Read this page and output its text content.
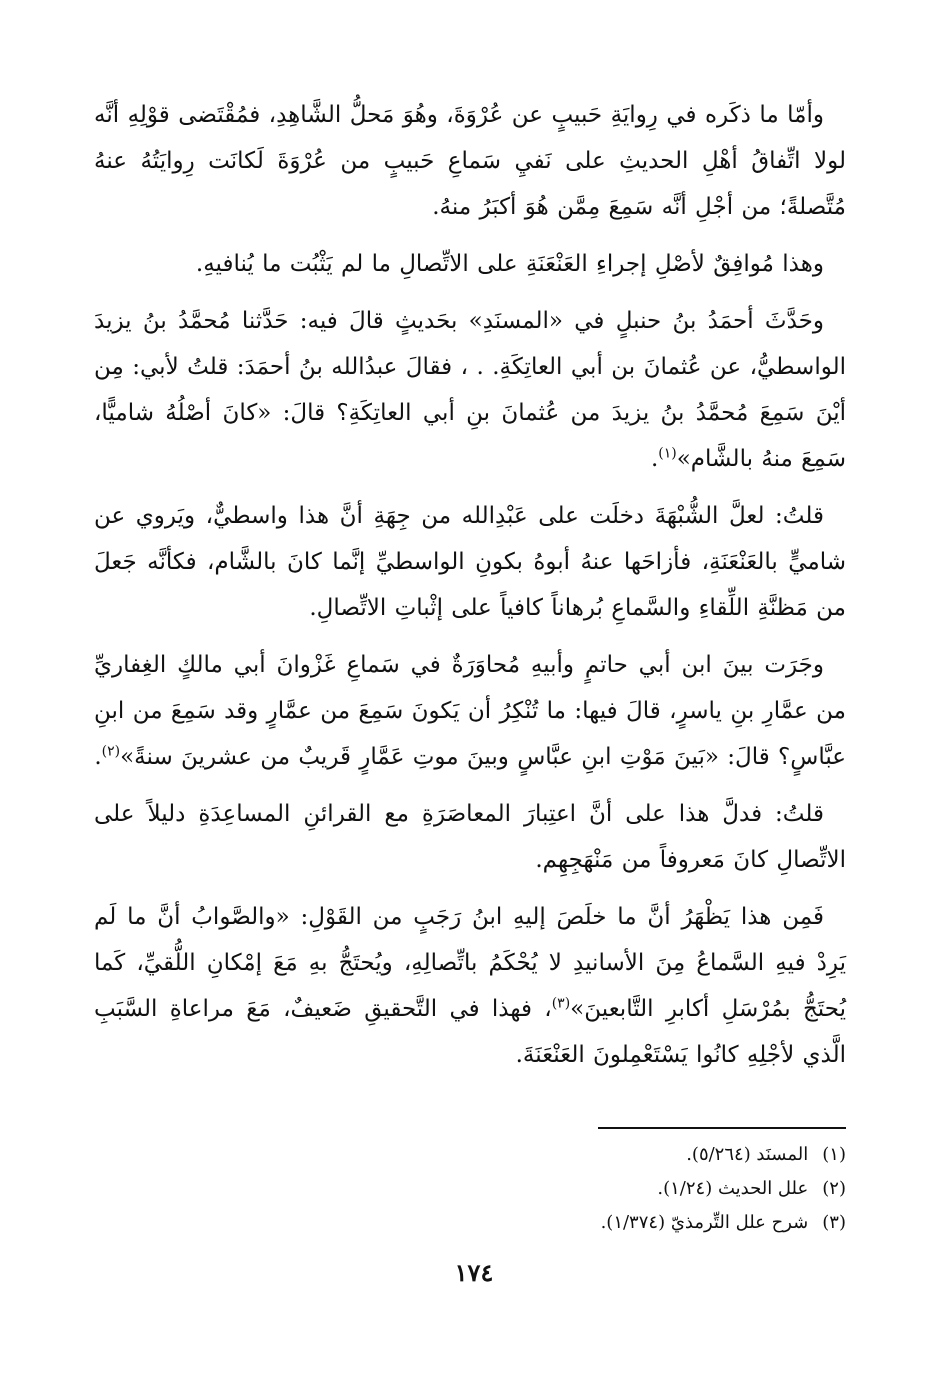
وأمّا ما ذكَره في رِوايَةِ حَبيبٍ عن عُرْوَةَ، وهُوَ مَحلُّ الشَّاهِدِ، فمُقْتَضى قوْلِهِ أنَّه لولا اتِّفاقُ أهْلِ الحديثِ على نَفيِ سَماعِ حَبيبٍ من عُرْوَةَ لَكانَت رِوايَتُهُ عنهُ مُتَّصلةً؛ من أجْلِ أنَّه سَمِعَ مِمَّن هُوَ أكبَرُ منهُ.

وهذا مُوافِقٌ لأصْلِ إجراءِ العَنْعَنَةِ على الاتِّصالِ ما لم يَثْبُت ما يُنافيهِ.

وحَدَّثَ أحمَدُ بنُ حنبلٍ في «المسنَدِ» بحَديثٍ قالَ فيه: حَدَّثنا مُحمَّدُ بنُ يزيدَ الواسطيُّ، عن عُثمانَ بن أبي العاتِكَةِ. . ، فقالَ عبدُالله بنُ أحمَدَ: قلتُ لأبي: مِن أيْنَ سَمِعَ مُحمَّدُ بنُ يزيدَ من عُثمانَ بنِ أبي العاتِكَةِ؟ قالَ: «كانَ أصْلُهُ شاميًّا، سَمِعَ منهُ بالشَّام»$^{(١)}$.

قلتُ: لعلَّ الشُّبْهَةَ دخلَت على عَبْدِالله من جِهَةِ أنَّ هذا واسطيٌّ، ويَروي عن شاميٍّ بالعَنْعَنَةِ، فأزاحَها عنهُ أبوهُ بكونِ الواسطيِّ إنَّما كانَ بالشَّام، فكأنَّه جَعلَ من مَظنَّةِ اللِّقاءِ والسَّماعِ بُرهاناً كافياً على إثْباتِ الاتِّصالِ.

وجَرَت بينَ ابن أبي حاتمٍ وأبيهِ مُحاوَرَةٌ في سَماعِ غَزْوانَ أبي مالكٍ الغِفاريِّ من عمَّارِ بنِ ياسرٍ، قالَ فيها: ما تُنْكِرُ أن يَكونَ سَمِعَ من عمَّارٍ وقد سَمِعَ من ابنِ عبَّاسٍ؟ قالَ: «بَينَ مَوْتِ ابنِ عبَّاسٍ وبينَ موتِ عَمَّارٍ قَريبٌ من عشرينَ سنةً»$^{(٢)}$.

قلتُ: فدلَّ هذا على أنَّ اعتِبارَ المعاصَرَةِ مع القرائنِ المساعِدَةِ دليلاً على الاتِّصالِ كانَ مَعروفاً من مَنْهَجِهِم.

فَمِن هذا يَظْهَرُ أنَّ ما خلَصَ إليهِ ابنُ رَجَبٍ من القَوْلِ: «والصَّوابُ أنَّ ما لَم يَرِدْ فيهِ السَّماعُ مِنَ الأسانيدِ لا يُحْكَمُ باتِّصالِهِ، ويُحتَجُّ بهِ مَعَ إمْكانِ اللُّقيِّ، كَما يُحتَجُّ بمُرْسَلِ أكابرِ التَّابعينَ»$^{(٣)}$، فهذا في التَّحقيقِ ضَعيفٌ، مَعَ مراعاةِ السَّبَبِ الَّذي لأجْلِهِ كانُوا يَسْتَعْمِلونَ العَنْعَنَةَ.

(١)المسنَد (٥/٢٦٤).

(٢)علل الحديث (١/٢٤).

(٣)شرح علل التِّرمذيّ (١/٣٧٤).

١٧٤
